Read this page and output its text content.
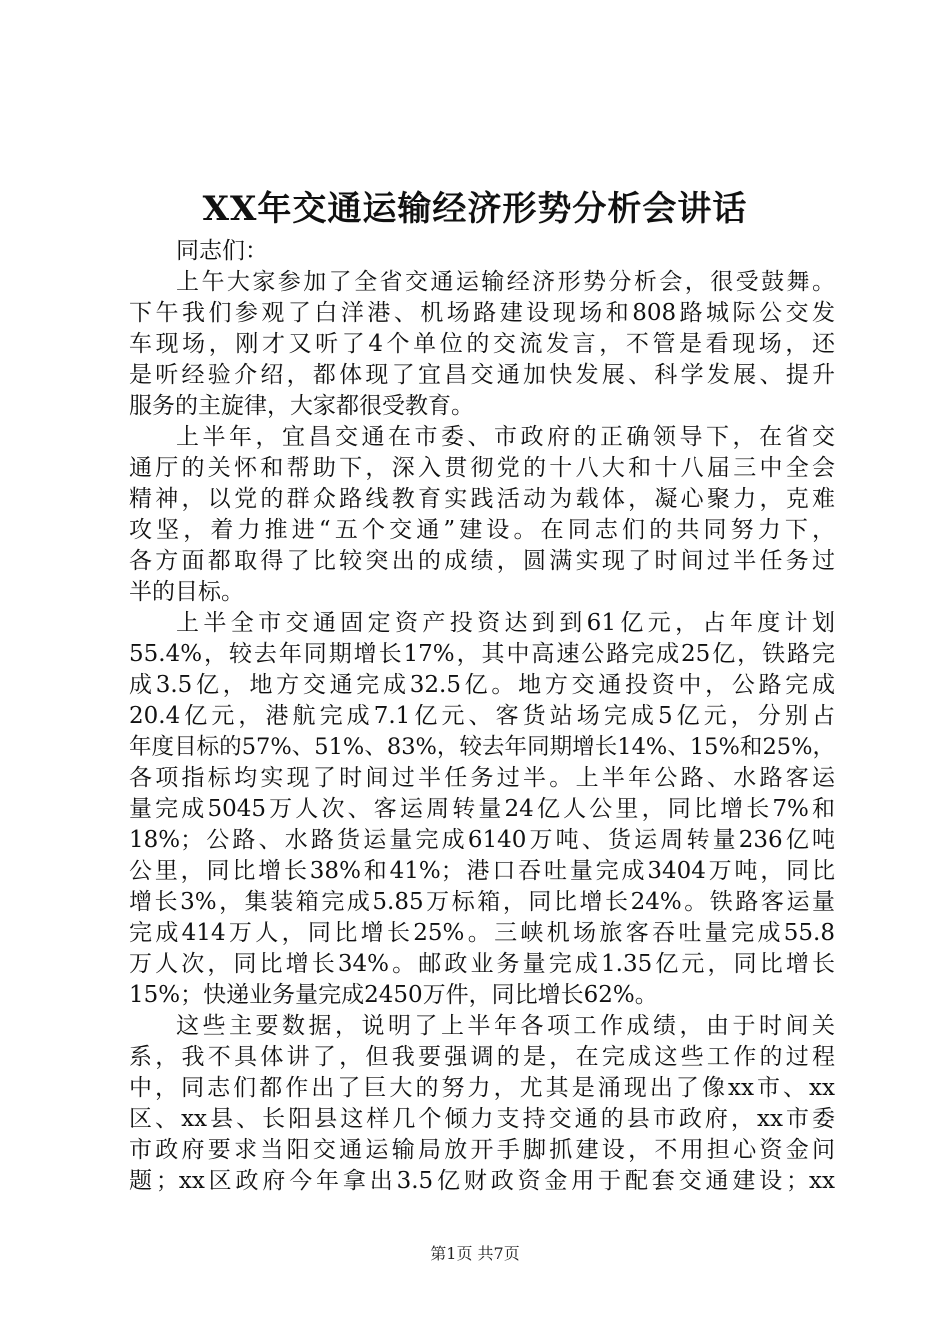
XX年交通运输经济形势分析会讲话
同志们：
上午大家参加了全省交通运输经济形势分析会，很受鼓舞。
下午我们参观了白洋港、机场路建设现场和808路城际公交发
车现场，刚才又听了4个单位的交流发言，不管是看现场，还
是听经验介绍，都体现了宜昌交通加快发展、科学发展、提升
服务的主旋律，大家都很受教育。
上半年，宜昌交通在市委、市政府的正确领导下，在省交
通厅的关怀和帮助下，深入贯彻党的十八大和十八届三中全会
精神，以党的群众路线教育实践活动为载体，凝心聚力，克难
攻坚，着力推进“五个交通”建设。在同志们的共同努力下，
各方面都取得了比较突出的成绩，圆满实现了时间过半任务过
半的目标。
上半全市交通固定资产投资达到到61亿元，占年度计划
55.4%，较去年同期增长17%，其中高速公路完成25亿，铁路完
成3.5亿，地方交通完成32.5亿。地方交通投资中，公路完成
20.4亿元，港航完成7.1亿元、客货站场完成5亿元，分别占
年度目标的57%、51%、83%，较去年同期增长14%、15%和25%，
各项指标均实现了时间过半任务过半。上半年公路、水路客运
量完成5045万人次、客运周转量24亿人公里，同比增长7%和
18%；公路、水路货运量完成6140万吨、货运周转量236亿吨
公里，同比增长38%和41%；港口吞吐量完成3404万吨，同比
增长3%，集装箱完成5.85万标箱，同比增长24%。铁路客运量
完成414万人，同比增长25%。三峡机场旅客吞吐量完成55.8
万人次，同比增长34%。邮政业务量完成1.35亿元，同比增长
15%；快递业务量完成2450万件，同比增长62%。
这些主要数据，说明了上半年各项工作成绩，由于时间关
系，我不具体讲了，但我要强调的是，在完成这些工作的过程
中，同志们都作出了巨大的努力，尤其是涌现出了像xx市、xx
区、xx县、长阳县这样几个倾力支持交通的县市政府，xx市委
市政府要求当阳交通运输局放开手脚抓建设，不用担心资金问
题；xx区政府今年拿出3.5亿财政资金用于配套交通建设；xx
第1页 共7页
